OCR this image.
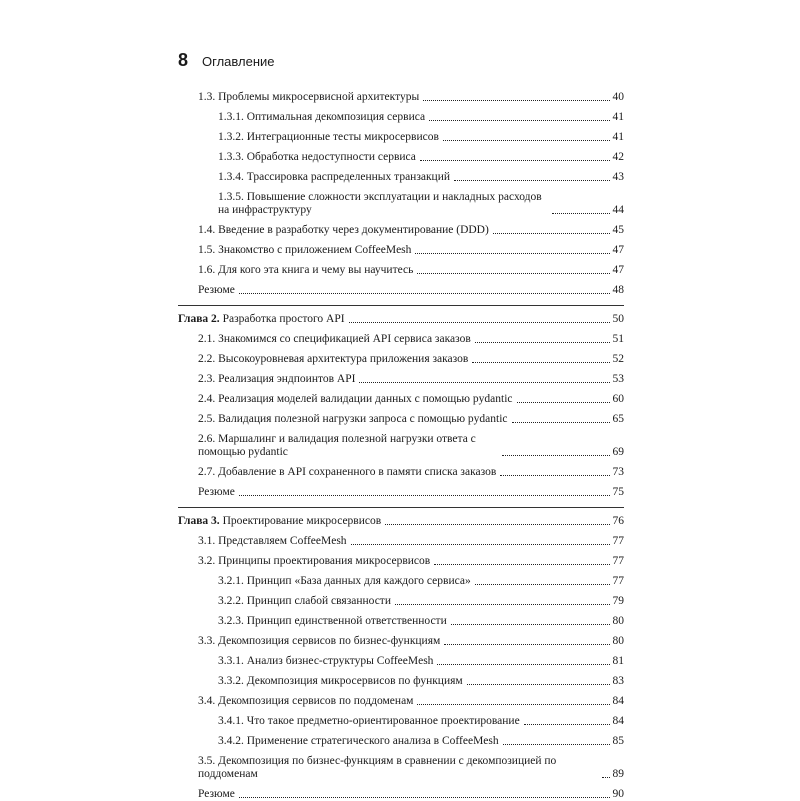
8 Оглавление
1.3. Проблемы микросервисной архитектуры	40
1.3.1. Оптимальная декомпозиция сервиса	41
1.3.2. Интеграционные тесты микросервисов	41
1.3.3. Обработка недоступности сервиса	42
1.3.4. Трассировка распределенных транзакций	43
1.3.5. Повышение сложности эксплуатации и накладных расходов на инфраструктуру	44
1.4. Введение в разработку через документирование (DDD)	45
1.5. Знакомство с приложением CoffeeMesh	47
1.6. Для кого эта книга и чему вы научитесь	47
Резюме	48
Глава 2. Разработка простого API	50
2.1. Знакомимся со спецификацией API сервиса заказов	51
2.2. Высокоуровневая архитектура приложения заказов	52
2.3. Реализация эндпоинтов API	53
2.4. Реализация моделей валидации данных с помощью pydantic	60
2.5. Валидация полезной нагрузки запроса с помощью pydantic	65
2.6. Маршалинг и валидация полезной нагрузки ответа с помощью pydantic	69
2.7. Добавление в API сохраненного в памяти списка заказов	73
Резюме	75
Глава 3. Проектирование микросервисов	76
3.1. Представляем CoffeeMesh	77
3.2. Принципы проектирования микросервисов	77
3.2.1. Принцип «База данных для каждого сервиса»	77
3.2.2. Принцип слабой связанности	79
3.2.3. Принцип единственной ответственности	80
3.3. Декомпозиция сервисов по бизнес-функциям	80
3.3.1. Анализ бизнес-структуры CoffeeMesh	81
3.3.2. Декомпозиция микросервисов по функциям	83
3.4. Декомпозиция сервисов по поддоменам	84
3.4.1. Что такое предметно-ориентированное проектирование	84
3.4.2. Применение стратегического анализа в CoffeeMesh	85
3.5. Декомпозиция по бизнес-функциям в сравнении с декомпозицией по поддоменам	89
Резюме	90
